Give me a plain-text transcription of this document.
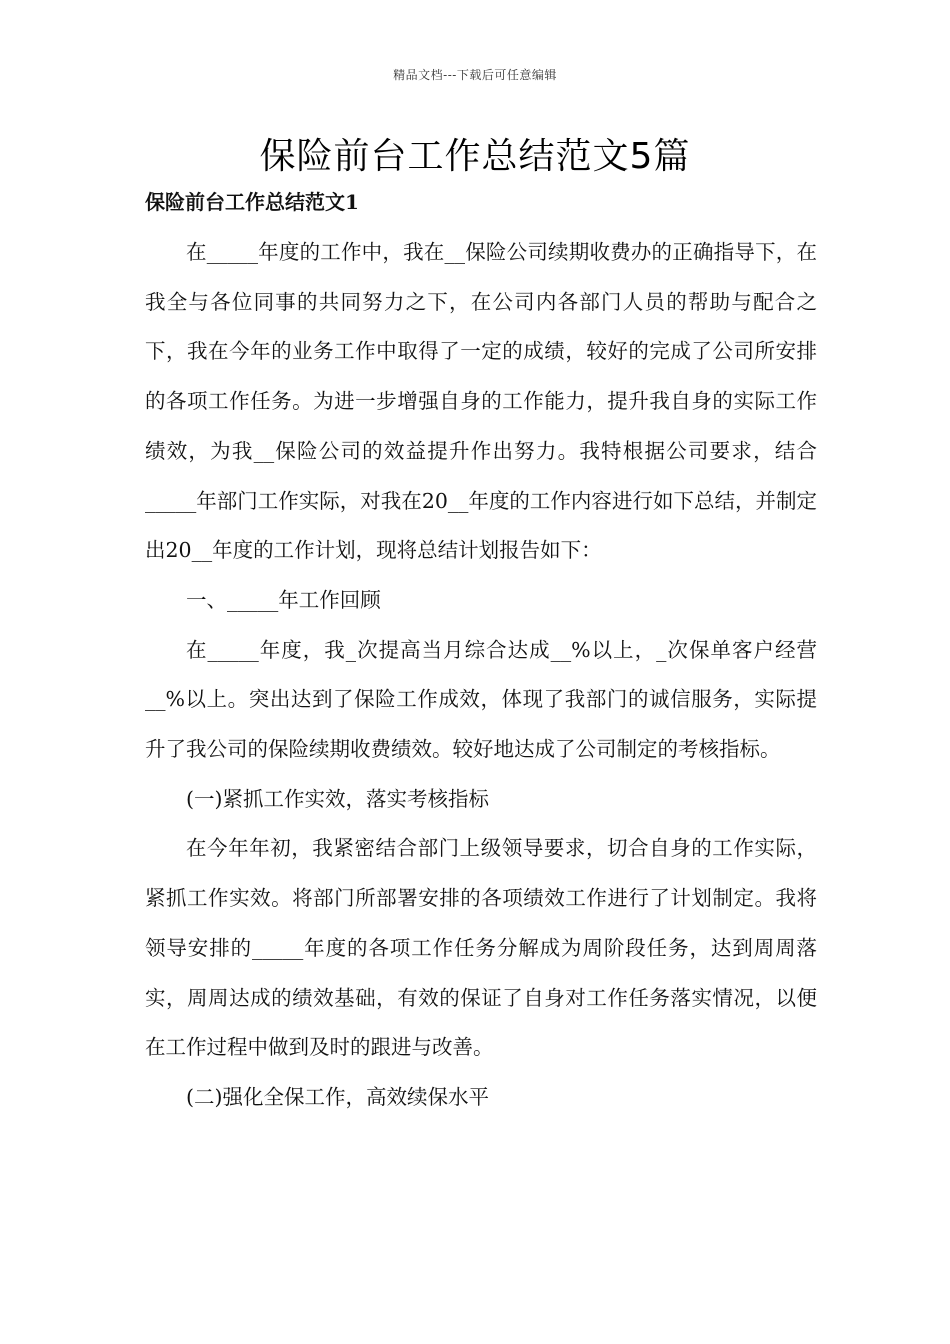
精品文档---下载后可任意编辑
保险前台工作总结范文5篇
保险前台工作总结范文1

在_____年度的工作中，我在__保险公司续期收费办的正确指导下，在我全与各位同事的共同努力之下，在公司内各部门人员的帮助与配合之下，我在今年的业务工作中取得了一定的成绩，较好的完成了公司所安排的各项工作任务。为进一步增强自身的工作能力，提升我自身的实际工作绩效，为我__保险公司的效益提升作出努力。我特根据公司要求，结合_____年部门工作实际，对我在20__年度的工作内容进行如下总结，并制定出20__年度的工作计划，现将总结计划报告如下：

一、_____年工作回顾

在_____年度，我_次提高当月综合达成__%以上，_次保单客户经营__%以上。突出达到了保险工作成效，体现了我部门的诚信服务，实际提升了我公司的保险续期收费绩效。较好地达成了公司制定的考核指标。

(一)紧抓工作实效，落实考核指标

在今年年初，我紧密结合部门上级领导要求，切合自身的工作实际，紧抓工作实效。将部门所部署安排的各项绩效工作进行了计划制定。我将领导安排的_____年度的各项工作任务分解成为周阶段任务，达到周周落实，周周达成的绩效基础，有效的保证了自身对工作任务落实情况，以便在工作过程中做到及时的跟进与改善。

(二)强化全保工作，高效续保水平
